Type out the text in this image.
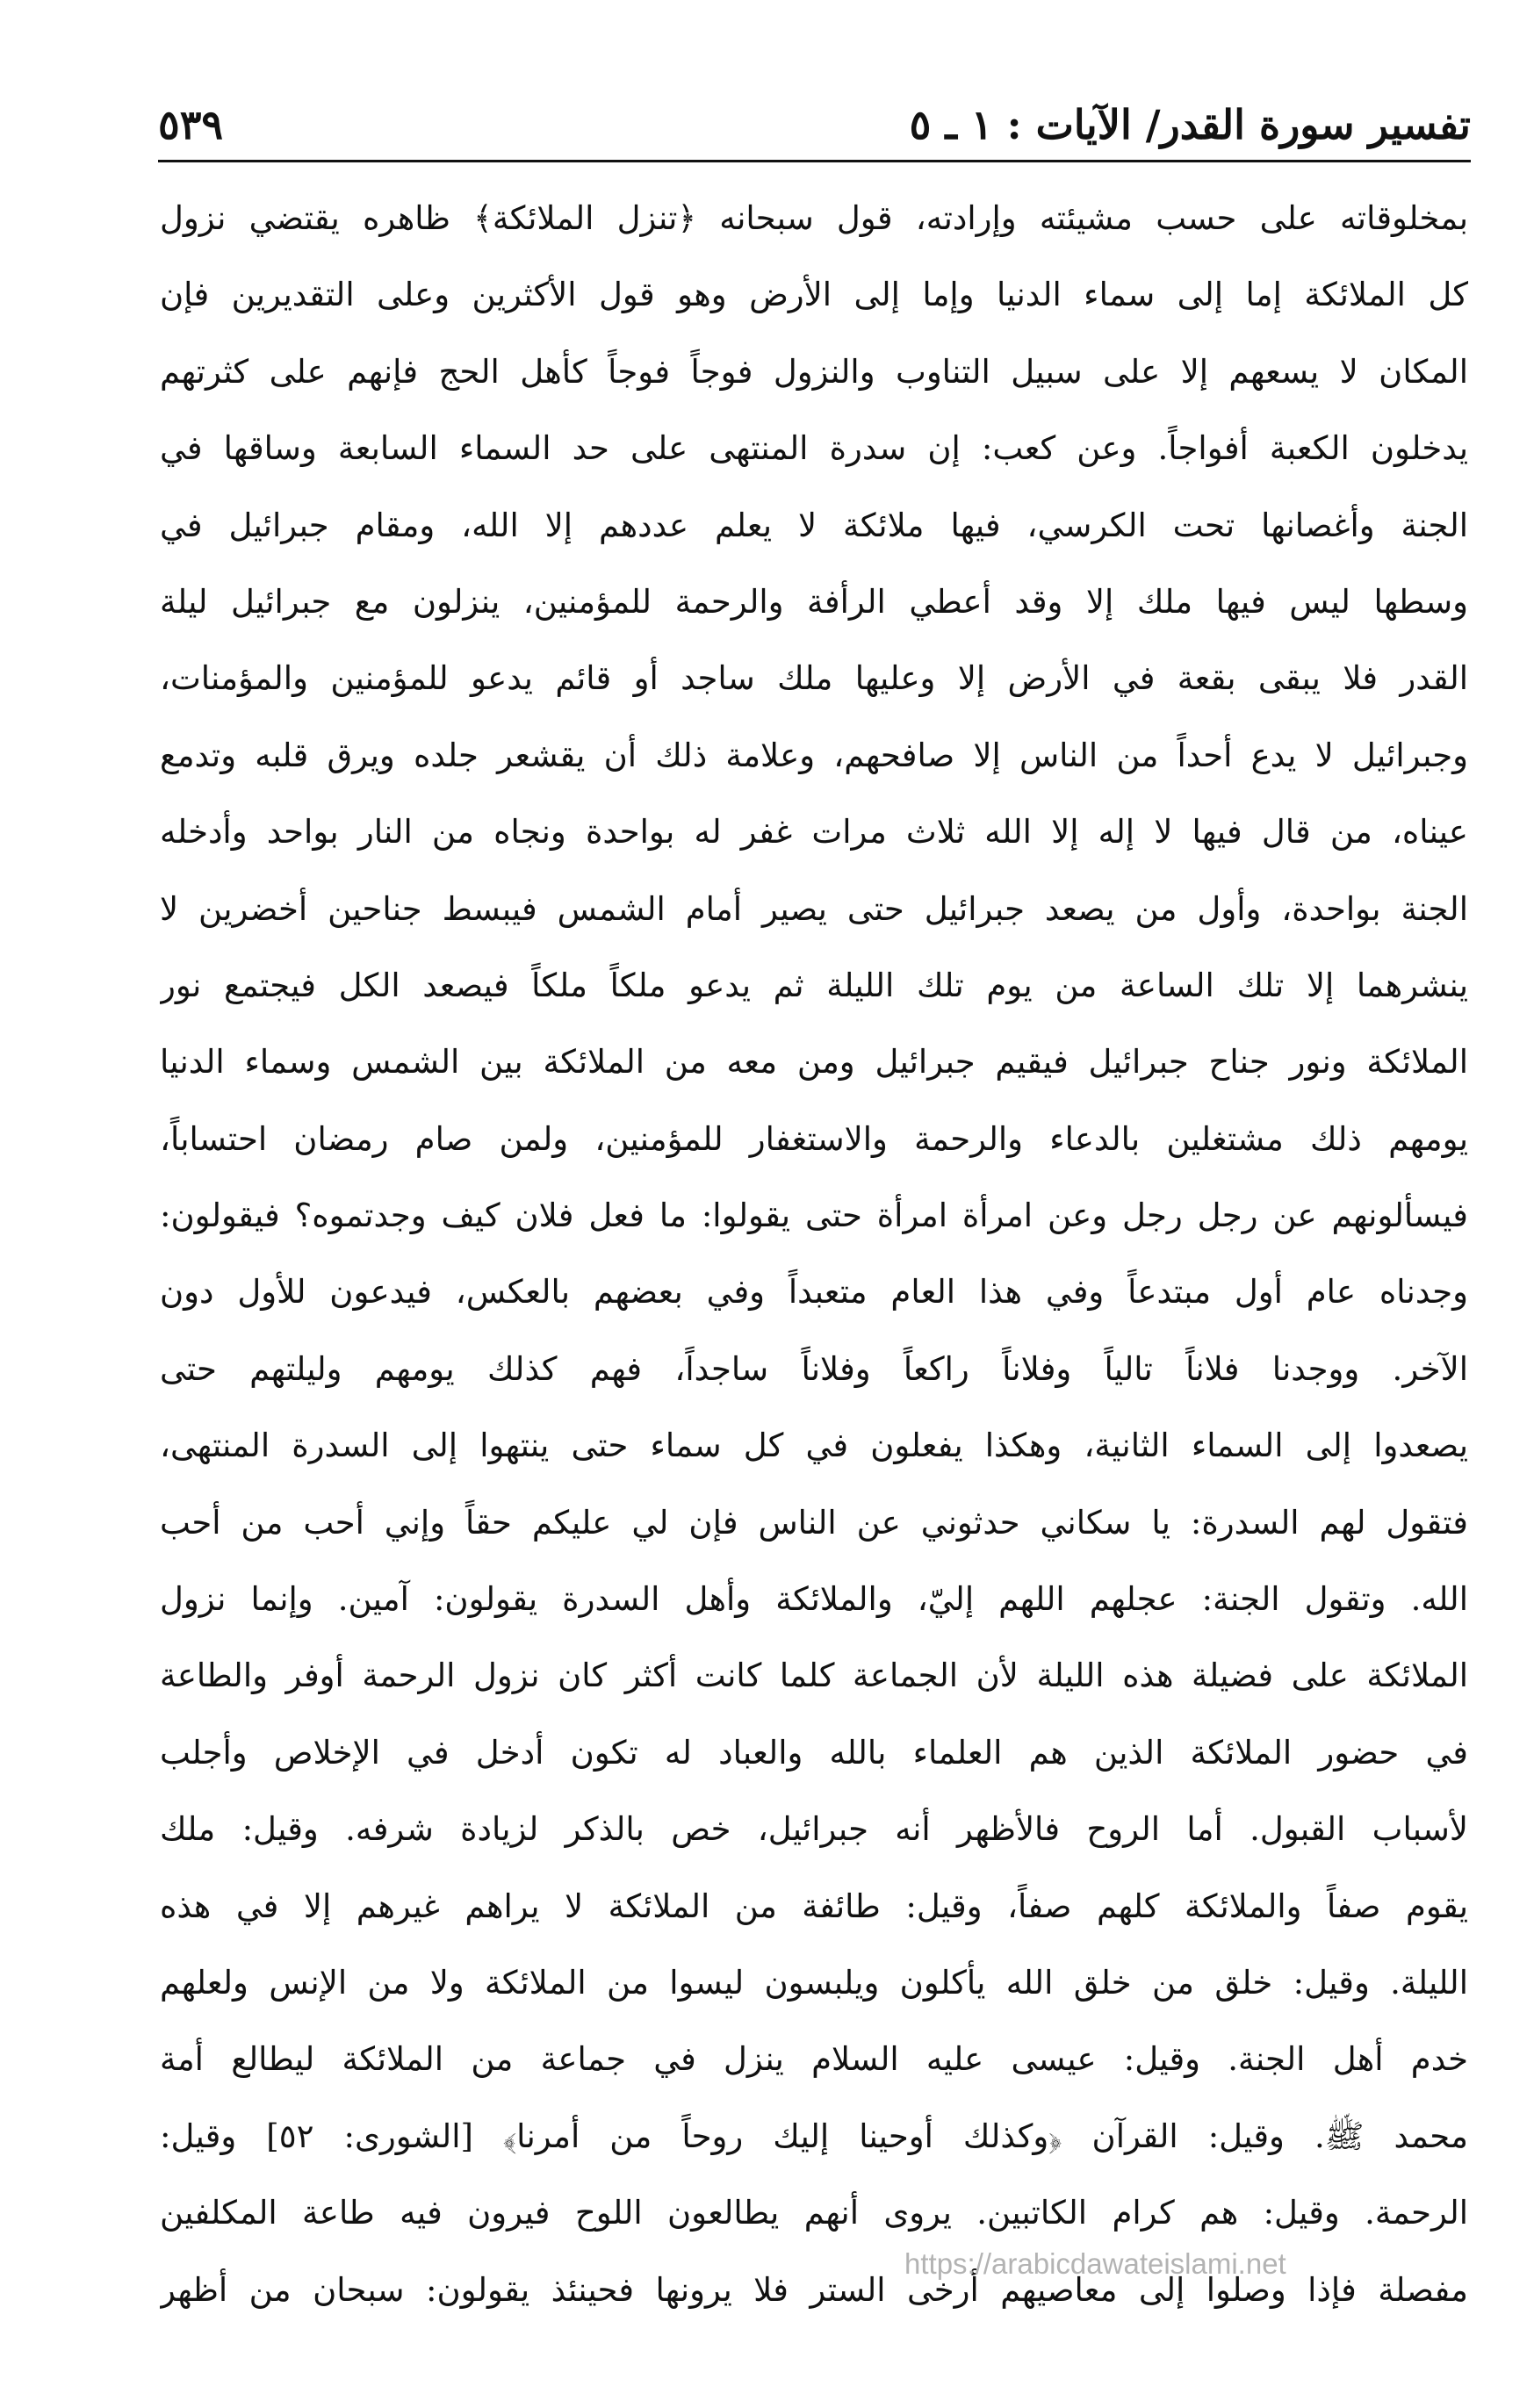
تفسير سورة القدر/ الآيات : ١ ـ ٥
٥٣٩
بمخلوقاته على حسب مشيئته وإرادته، قول سبحانه ﴿تنزل الملائكة﴾ ظاهره يقتضي نزول
كل الملائكة إما إلى سماء الدنيا وإما إلى الأرض وهو قول الأكثرين وعلى التقديرين فإن
المكان لا يسعهم إلا على سبيل التناوب والنزول فوجاً فوجاً كأهل الحج فإنهم على كثرتهم
يدخلون الكعبة أفواجاً. وعن كعب: إن سدرة المنتهى على حد السماء السابعة وساقها في
الجنة وأغصانها تحت الكرسي، فيها ملائكة لا يعلم عددهم إلا الله، ومقام جبرائيل في
وسطها ليس فيها ملك إلا وقد أعطي الرأفة والرحمة للمؤمنين، ينزلون مع جبرائيل ليلة
القدر فلا يبقى بقعة في الأرض إلا وعليها ملك ساجد أو قائم يدعو للمؤمنين والمؤمنات،
وجبرائيل لا يدع أحداً من الناس إلا صافحهم، وعلامة ذلك أن يقشعر جلده ويرق قلبه وتدمع
عيناه، من قال فيها لا إله إلا الله ثلاث مرات غفر له بواحدة ونجاه من النار بواحد وأدخله
الجنة بواحدة، وأول من يصعد جبرائيل حتى يصير أمام الشمس فيبسط جناحين أخضرين لا
ينشرهما إلا تلك الساعة من يوم تلك الليلة ثم يدعو ملكاً ملكاً فيصعد الكل فيجتمع نور
الملائكة ونور جناح جبرائيل فيقيم جبرائيل ومن معه من الملائكة بين الشمس وسماء الدنيا
يومهم ذلك مشتغلين بالدعاء والرحمة والاستغفار للمؤمنين، ولمن صام رمضان احتساباً،
فيسألونهم عن رجل رجل وعن امرأة امرأة حتى يقولوا: ما فعل فلان كيف وجدتموه؟ فيقولون:
وجدناه عام أول مبتدعاً وفي هذا العام متعبداً وفي بعضهم بالعكس، فيدعون للأول دون
الآخر. ووجدنا فلاناً تالياً وفلاناً راكعاً وفلاناً ساجداً، فهم كذلك يومهم وليلتهم حتى
يصعدوا إلى السماء الثانية، وهكذا يفعلون في كل سماء حتى ينتهوا إلى السدرة المنتهى،
فتقول لهم السدرة: يا سكاني حدثوني عن الناس فإن لي عليكم حقاً وإني أحب من أحب
الله. وتقول الجنة: عجلهم اللهم إليّ، والملائكة وأهل السدرة يقولون: آمين. وإنما نزول
الملائكة على فضيلة هذه الليلة لأن الجماعة كلما كانت أكثر كان نزول الرحمة أوفر والطاعة
في حضور الملائكة الذين هم العلماء بالله والعباد له تكون أدخل في الإخلاص وأجلب
لأسباب القبول. أما الروح فالأظهر أنه جبرائيل، خص بالذكر لزيادة شرفه. وقيل: ملك
يقوم صفاً والملائكة كلهم صفاً، وقيل: طائفة من الملائكة لا يراهم غيرهم إلا في هذه
الليلة. وقيل: خلق من خلق الله يأكلون ويلبسون ليسوا من الملائكة ولا من الإنس ولعلهم
خدم أهل الجنة. وقيل: عيسى عليه السلام ينزل في جماعة من الملائكة ليطالع أمة
محمد ﷺ. وقيل: القرآن ﴿وكذلك أوحينا إليك روحاً من أمرنا﴾ [الشورى: ٥٢] وقيل:
الرحمة. وقيل: هم كرام الكاتبين. يروى أنهم يطالعون اللوح فيرون فيه طاعة المكلفين
مفصلة فإذا وصلوا إلى معاصيهم أرخى الستر فلا يرونها فحينئذ يقولون: سبحان من أظهر
https://arabicdawateislami.net
